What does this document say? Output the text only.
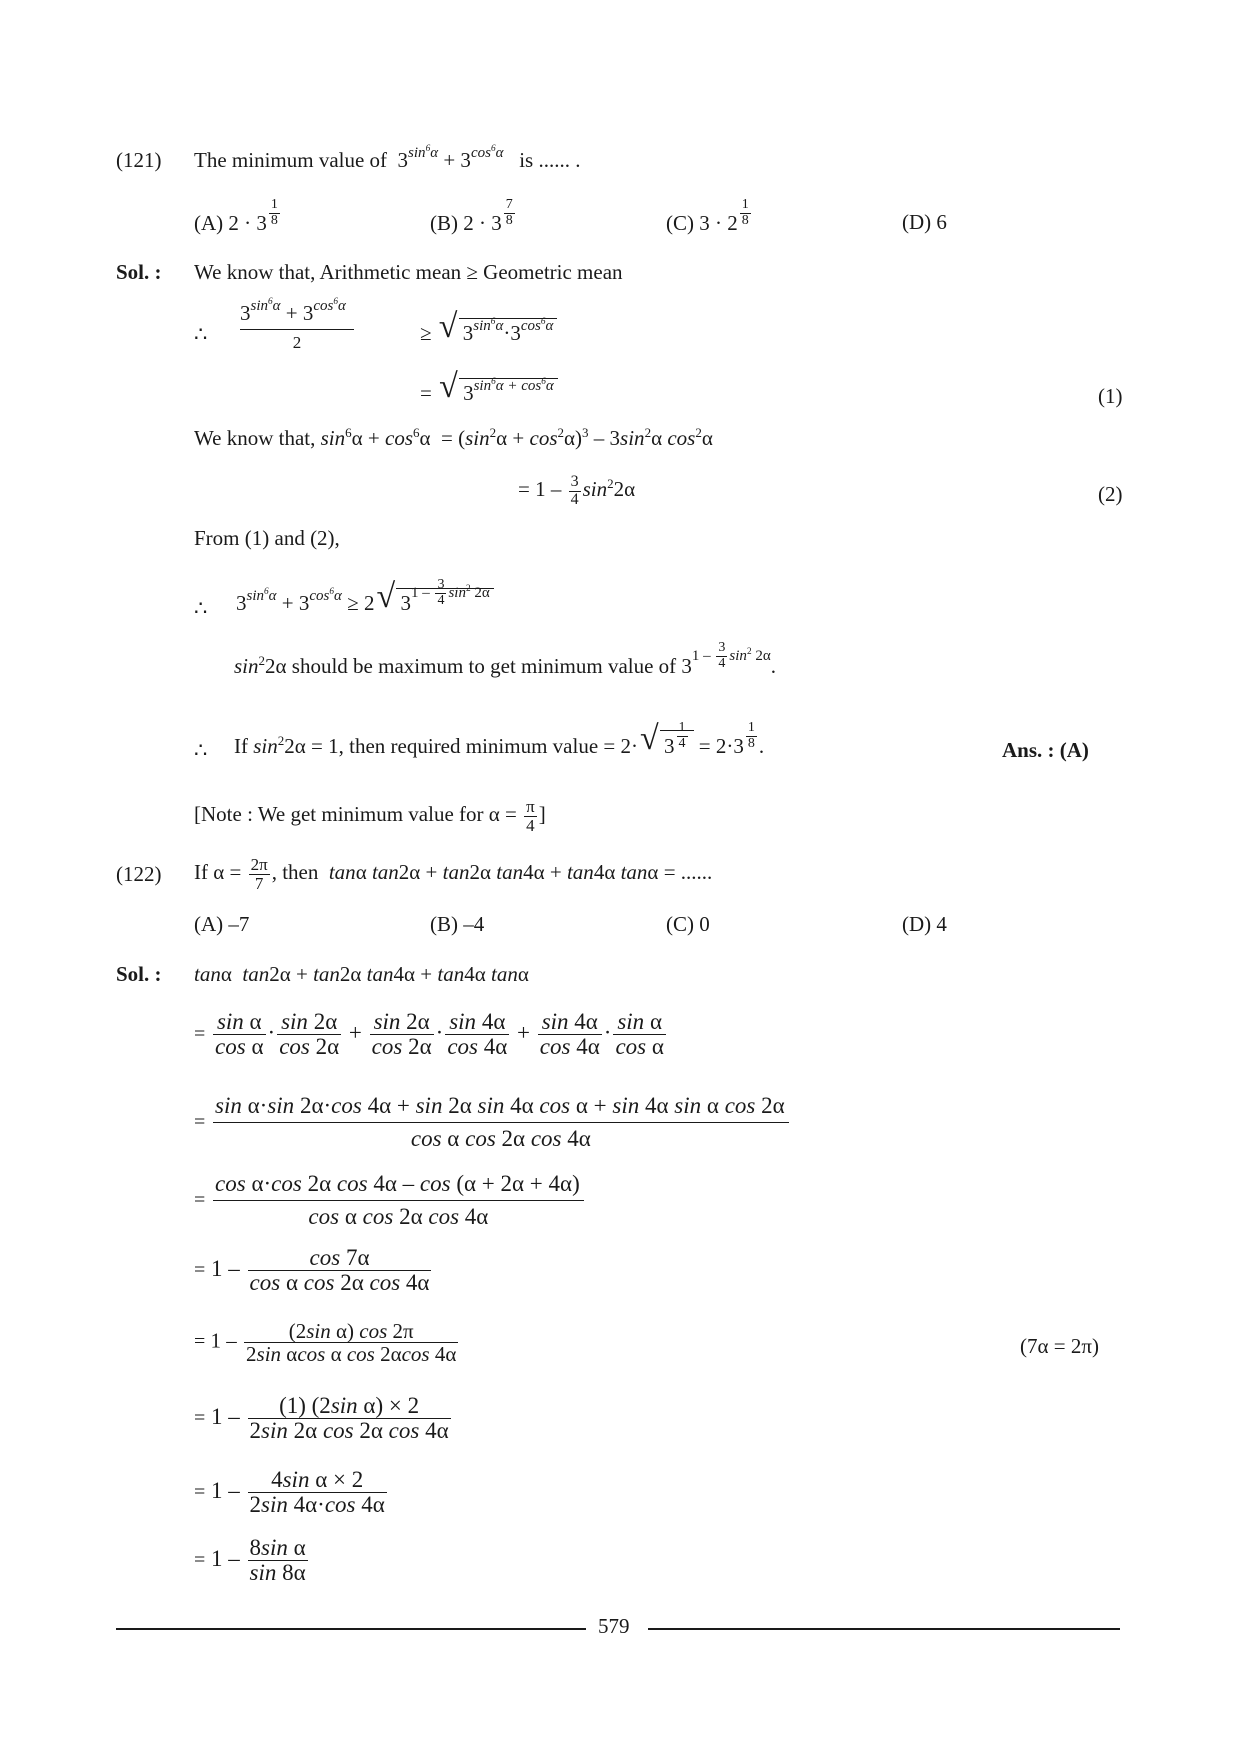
(121) The minimum value of  $3^{sin^6\alpha} + 3^{cos^6\alpha}$ is ...... .
(A) $2 \cdot 3 \frac{1}{8}$	(B) $2 \cdot 3 \frac{7}{8}$	(C) $3 \cdot 2 \frac{1}{8}$	(D) 6
Sol. : We know that, Arithmetic mean ≥ Geometric mean
∴ $\frac{3^{sin^6\alpha} + 3^{cos^6\alpha}}{2}$	≥ √ $3^{sin^6\alpha}\cdot 3^{cos^6\alpha}$
= √ $3^{sin^6\alpha + cos^6\alpha}$	(1)
We know that, $\sin^6\alpha + \cos^6\alpha = (\sin^2\alpha + \cos^2\alpha)^3 - 3\sin^2\alpha$ $\cos^2\alpha$
= $1 - \frac{3}{4} \sin^22\alpha$	(2)
From (1) and (2),
∴ $3^{sin^6\alpha} + 3^{cos^6\alpha} \ge 2$ √ $3^{1 - \frac{3}{4} sin^2 2\alpha}$
$\sin^22\alpha$ should be maximum to get minimum value of $3^{1 - \frac{3}{4} sin^2 2\alpha}$.
∴ If $\sin^22\alpha = 1$, then required minimum value = 2· √ $3 \frac{1}{4} = 2\cdot 3 \frac{1}{8}$ .	Ans. : (A)
[Note : We get minimum value for $\alpha = \frac{\pi}{4}$ ]
(122) If $\alpha = \frac{2\pi}{7}$ , then tanα tan2α + tan2α tan4α + tan4α tanα = ......
(A) –7	(B) –4	(C) 0	(D) 4
Sol. : tanα  tan2α + tan2α tan4α + tan4α tanα
= $\frac{\text{sin α}}{\text{cos α}} \cdot \frac{\sin 2\alpha}{\cos 2\alpha} + \frac{\sin 2\alpha}{\cos 2\alpha} \cdot \frac{\sin 4\alpha}{\cos 4\alpha} + \frac{\sin 4\alpha}{\cos 4\alpha} \cdot \frac{\text{sin α}}{\text{cos α}}$
=
sin α·sin 2α·cos 4α + sin 2α sin 4α cos α + sin 4α sin α cos 2α
cos α cos 2α cos 4α
= $\frac{\text{cos α·cos 2α cos 4α – cos (α + 2α + 4α)}}{\text{cos α cos 2α cos 4α}}$
= $1 - \frac{\cos 7\alpha}{\text{cos α cos 2α cos 4α}}$
= $1 - \frac{\text{(2sin α) cos 2π}}{\text{2sin αcos α cos 2αcos 4α}}$	(7α = 2π)
= $1 - \frac{\text{(1) (2sin α) × 2}}{\text{2sin 2α cos 2α cos 4α}}$
= $1 - \frac{\text{4sin α × 2}}{2\sin 4\alpha\cdot\cos 4\alpha}$
= $1 - \frac{\text{8sin α}}{\sin 8\alpha}$
579
